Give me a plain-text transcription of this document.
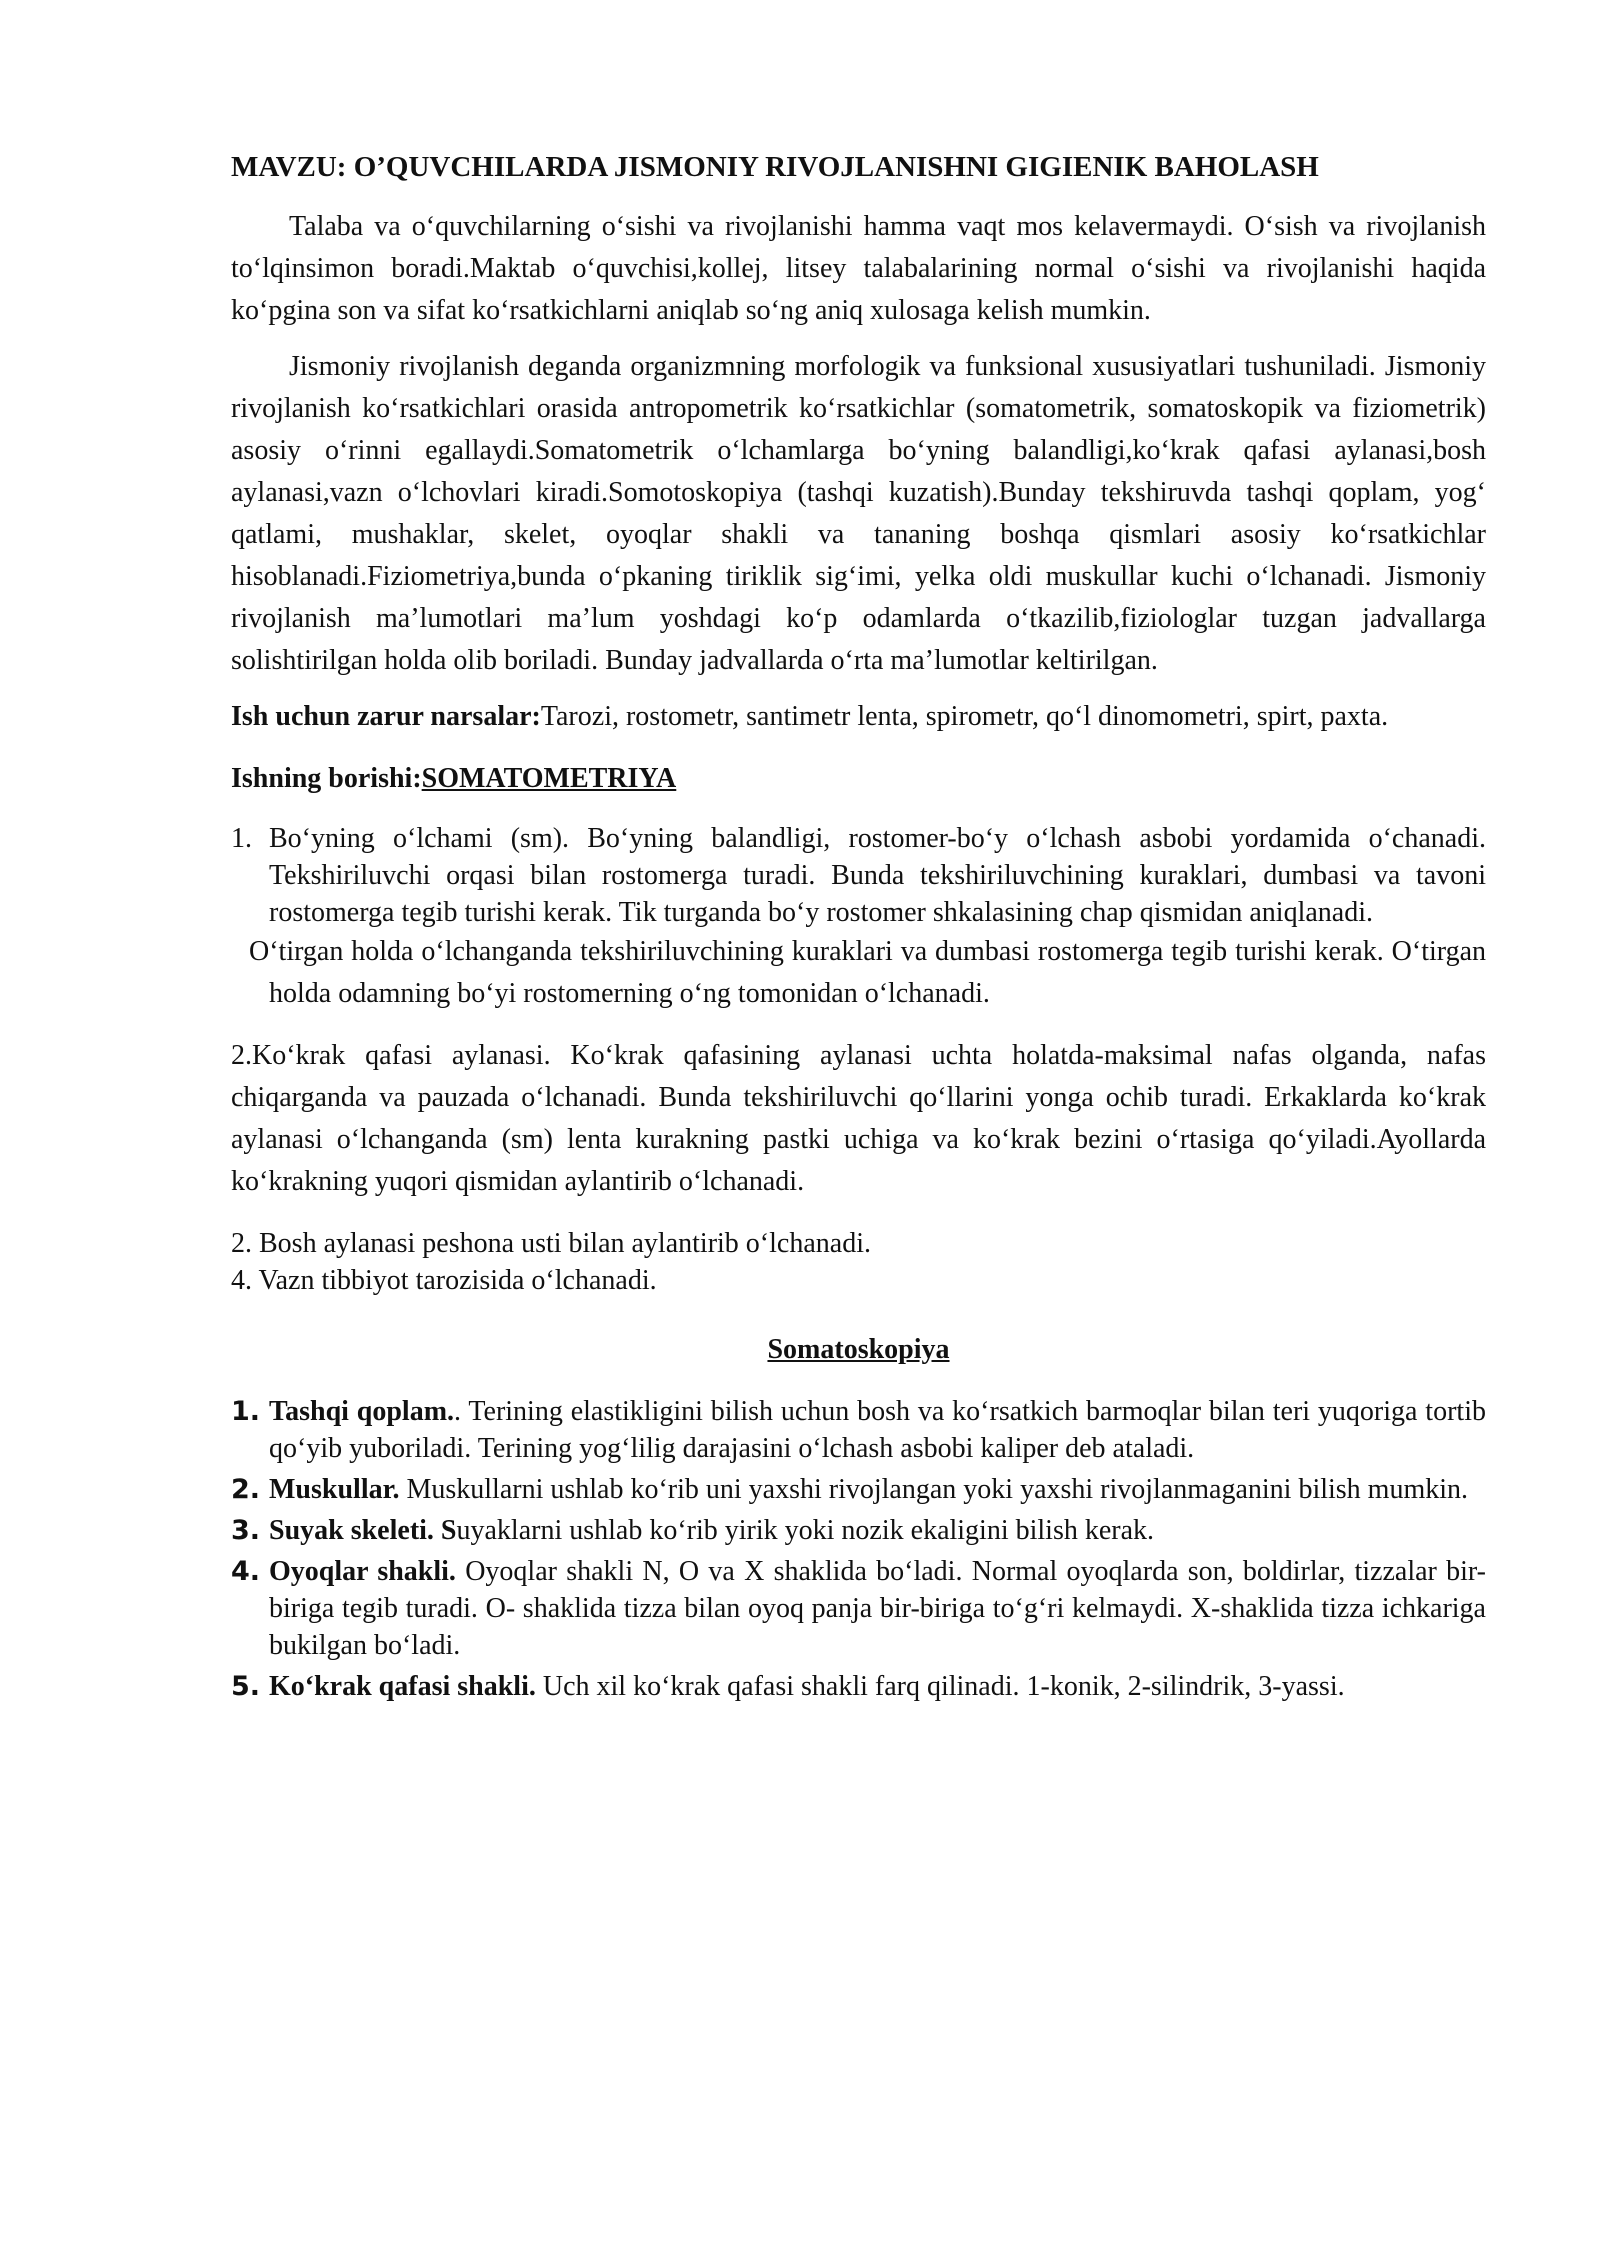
MAVZU: O’QUVCHILARDA JISMONIY RIVOJLANISHNI GIGIENIK BAHOLASH

Talaba va o‘quvchilarning o‘sishi va rivojlanishi hamma vaqt mos kelavermaydi. O‘sish va rivojlanish to‘lqinsimon boradi.Maktab o‘quvchisi,kollej, litsey talabalarining normal o‘sishi va rivojlanishi haqida ko‘pgina son va sifat ko‘rsatkichlarni aniqlab so‘ng aniq xulosaga kelish mumkin.

Jismoniy rivojlanish deganda organizmning morfologik va funksional xususiyatlari tushuniladi. Jismoniy rivojlanish ko‘rsatkichlari orasida antropometrik ko‘rsatkichlar (somatometrik, somatoskopik va fiziometrik) asosiy o‘rinni egallaydi.Somatometrik o‘lchamlarga bo‘yning balandligi,ko‘krak qafasi aylanasi,bosh aylanasi,vazn o‘lchovlari kiradi.Somotoskopiya (tashqi kuzatish).Bunday tekshiruvda tashqi qoplam, yog‘ qatlami, mushaklar, skelet, oyoqlar shakli va tananing boshqa qismlari asosiy ko‘rsatkichlar hisoblanadi.Fiziometriya,bunda o‘pkaning tiriklik sig‘imi, yelka oldi muskullar kuchi o‘lchanadi. Jismoniy rivojlanish ma’lumotlari ma’lum yoshdagi ko‘p odamlarda o‘tkazilib,fiziologlar tuzgan jadvallarga solishtirilgan holda olib boriladi. Bunday jadvallarda o‘rta ma’lumotlar keltirilgan.

Ish uchun zarur narsalar:Tarozi, rostometr, santimetr lenta, spirometr, qo‘l dinomometri, spirt, paxta.

Ishning borishi:SOMATOMETRIYA

1. Bo‘yning o‘lchami (sm). Bo‘yning balandligi, rostomer-bo‘y o‘lchash asbobi yordamida o‘chanadi. Tekshiriluvchi orqasi bilan rostomerga turadi. Bunda tekshiriluvchining kuraklari, dumbasi va tavoni rostomerga tegib turishi kerak. Tik turganda bo‘y rostomer shkalasining chap qismidan aniqlanadi.

O‘tirgan holda o‘lchanganda tekshiriluvchining kuraklari va dumbasi rostomerga tegib turishi kerak. O‘tirgan holda odamning bo‘yi rostomerning o‘ng tomonidan o‘lchanadi.

2.Ko‘krak qafasi aylanasi. Ko‘krak qafasining aylanasi uchta holatda-maksimal nafas olganda, nafas chiqarganda va pauzada o‘lchanadi. Bunda tekshiriluvchi qo‘llarini yonga ochib turadi. Erkaklarda ko‘krak aylanasi o‘lchanganda (sm) lenta kurakning pastki uchiga va ko‘krak bezini o‘rtasiga qo‘yiladi.Ayollarda ko‘krakning yuqori qismidan aylantirib o‘lchanadi.

2. Bosh aylanasi peshona usti bilan aylantirib o‘lchanadi.

4. Vazn tibbiyot tarozisida o‘lchanadi.

Somatoskopiya

1. Tashqi qoplam.. Terining elastikligini bilish uchun bosh va ko‘rsatkich barmoqlar bilan teri yuqoriga tortib qo‘yib yuboriladi. Terining yog‘lilig darajasini o‘lchash asbobi kaliper deb ataladi.
2. Muskullar. Muskullarni ushlab ko‘rib uni yaxshi rivojlangan yoki yaxshi rivojlanmaganini bilish mumkin.
3. Suyak skeleti. Suyaklarni ushlab ko‘rib yirik yoki nozik ekaligini bilish kerak.
4. Oyoqlar shakli. Oyoqlar shakli N, O va X shaklida bo‘ladi. Normal oyoqlarda son, boldirlar, tizzalar bir-biriga tegib turadi. O- shaklida tizza bilan oyoq panja bir-biriga to‘g‘ri kelmaydi. X-shaklida tizza ichkariga bukilgan bo‘ladi.
5. Ko‘krak qafasi shakli. Uch xil ko‘krak qafasi shakli farq qilinadi. 1-konik, 2-silindrik, 3-yassi.
